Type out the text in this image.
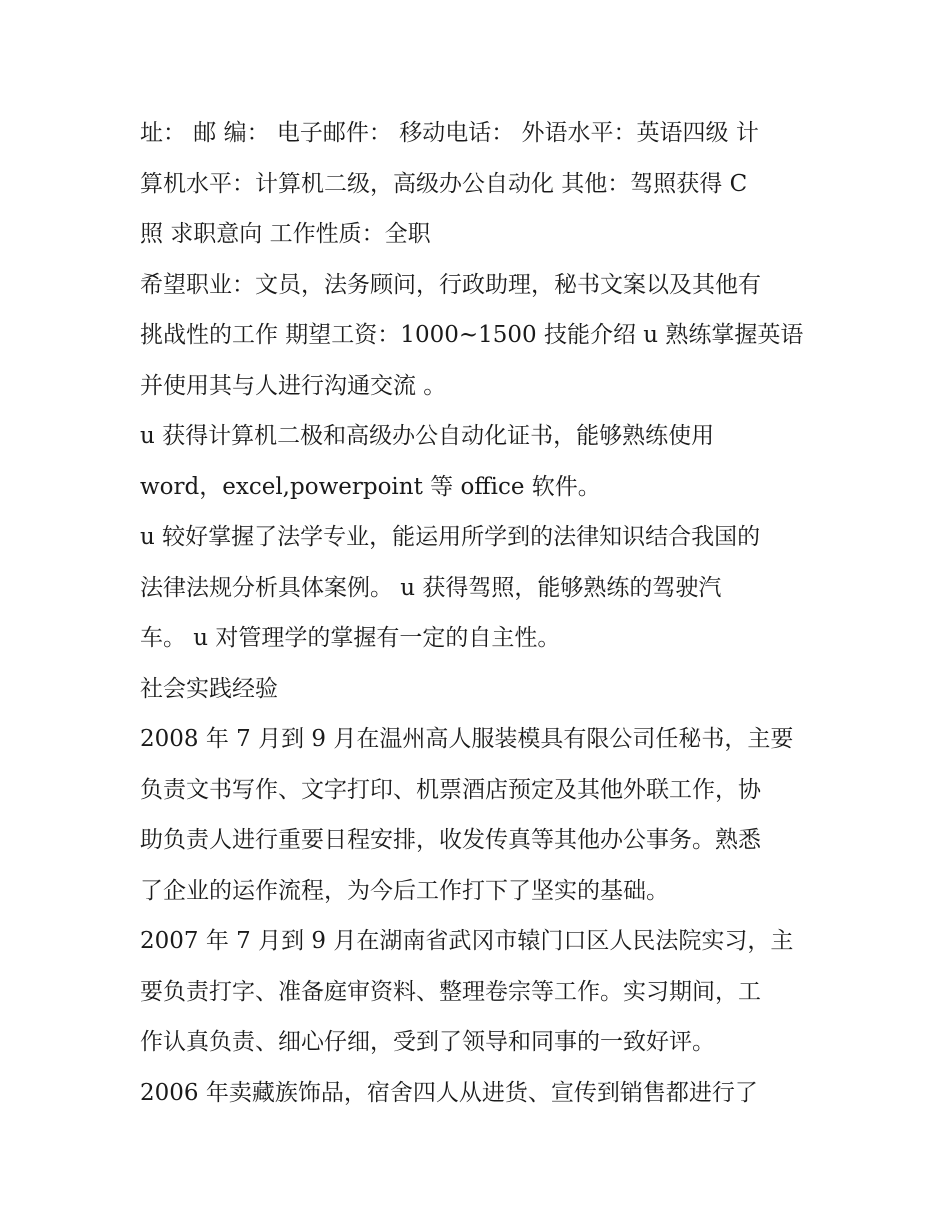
址： 邮 编： 电子邮件： 移动电话： 外语水平：英语四级 计
算机水平：计算机二级，高级办公自动化 其他：驾照获得 C
照 求职意向 工作性质：全职
希望职业：文员，法务顾问，行政助理，秘书文案以及其他有
挑战性的工作 期望工资：1000~1500 技能介绍 u 熟练掌握英语
并使用其与人进行沟通交流 。
u 获得计算机二极和高级办公自动化证书，能够熟练使用
word，excel,powerpoint 等 office 软件。
u 较好掌握了法学专业，能运用所学到的法律知识结合我国的
法律法规分析具体案例。 u 获得驾照，能够熟练的驾驶汽
车。 u 对管理学的掌握有一定的自主性。
社会实践经验
2008 年 7 月到 9 月在温州高人服装模具有限公司任秘书，主要
负责文书写作、文字打印、机票酒店预定及其他外联工作，协
助负责人进行重要日程安排，收发传真等其他办公事务。熟悉
了企业的运作流程，为今后工作打下了坚实的基础。
2007 年 7 月到 9 月在湖南省武冈市辕门口区人民法院实习，主
要负责打字、准备庭审资料、整理卷宗等工作。实习期间，工
作认真负责、细心仔细，受到了领导和同事的一致好评。
2006 年卖藏族饰品，宿舍四人从进货、宣传到销售都进行了
